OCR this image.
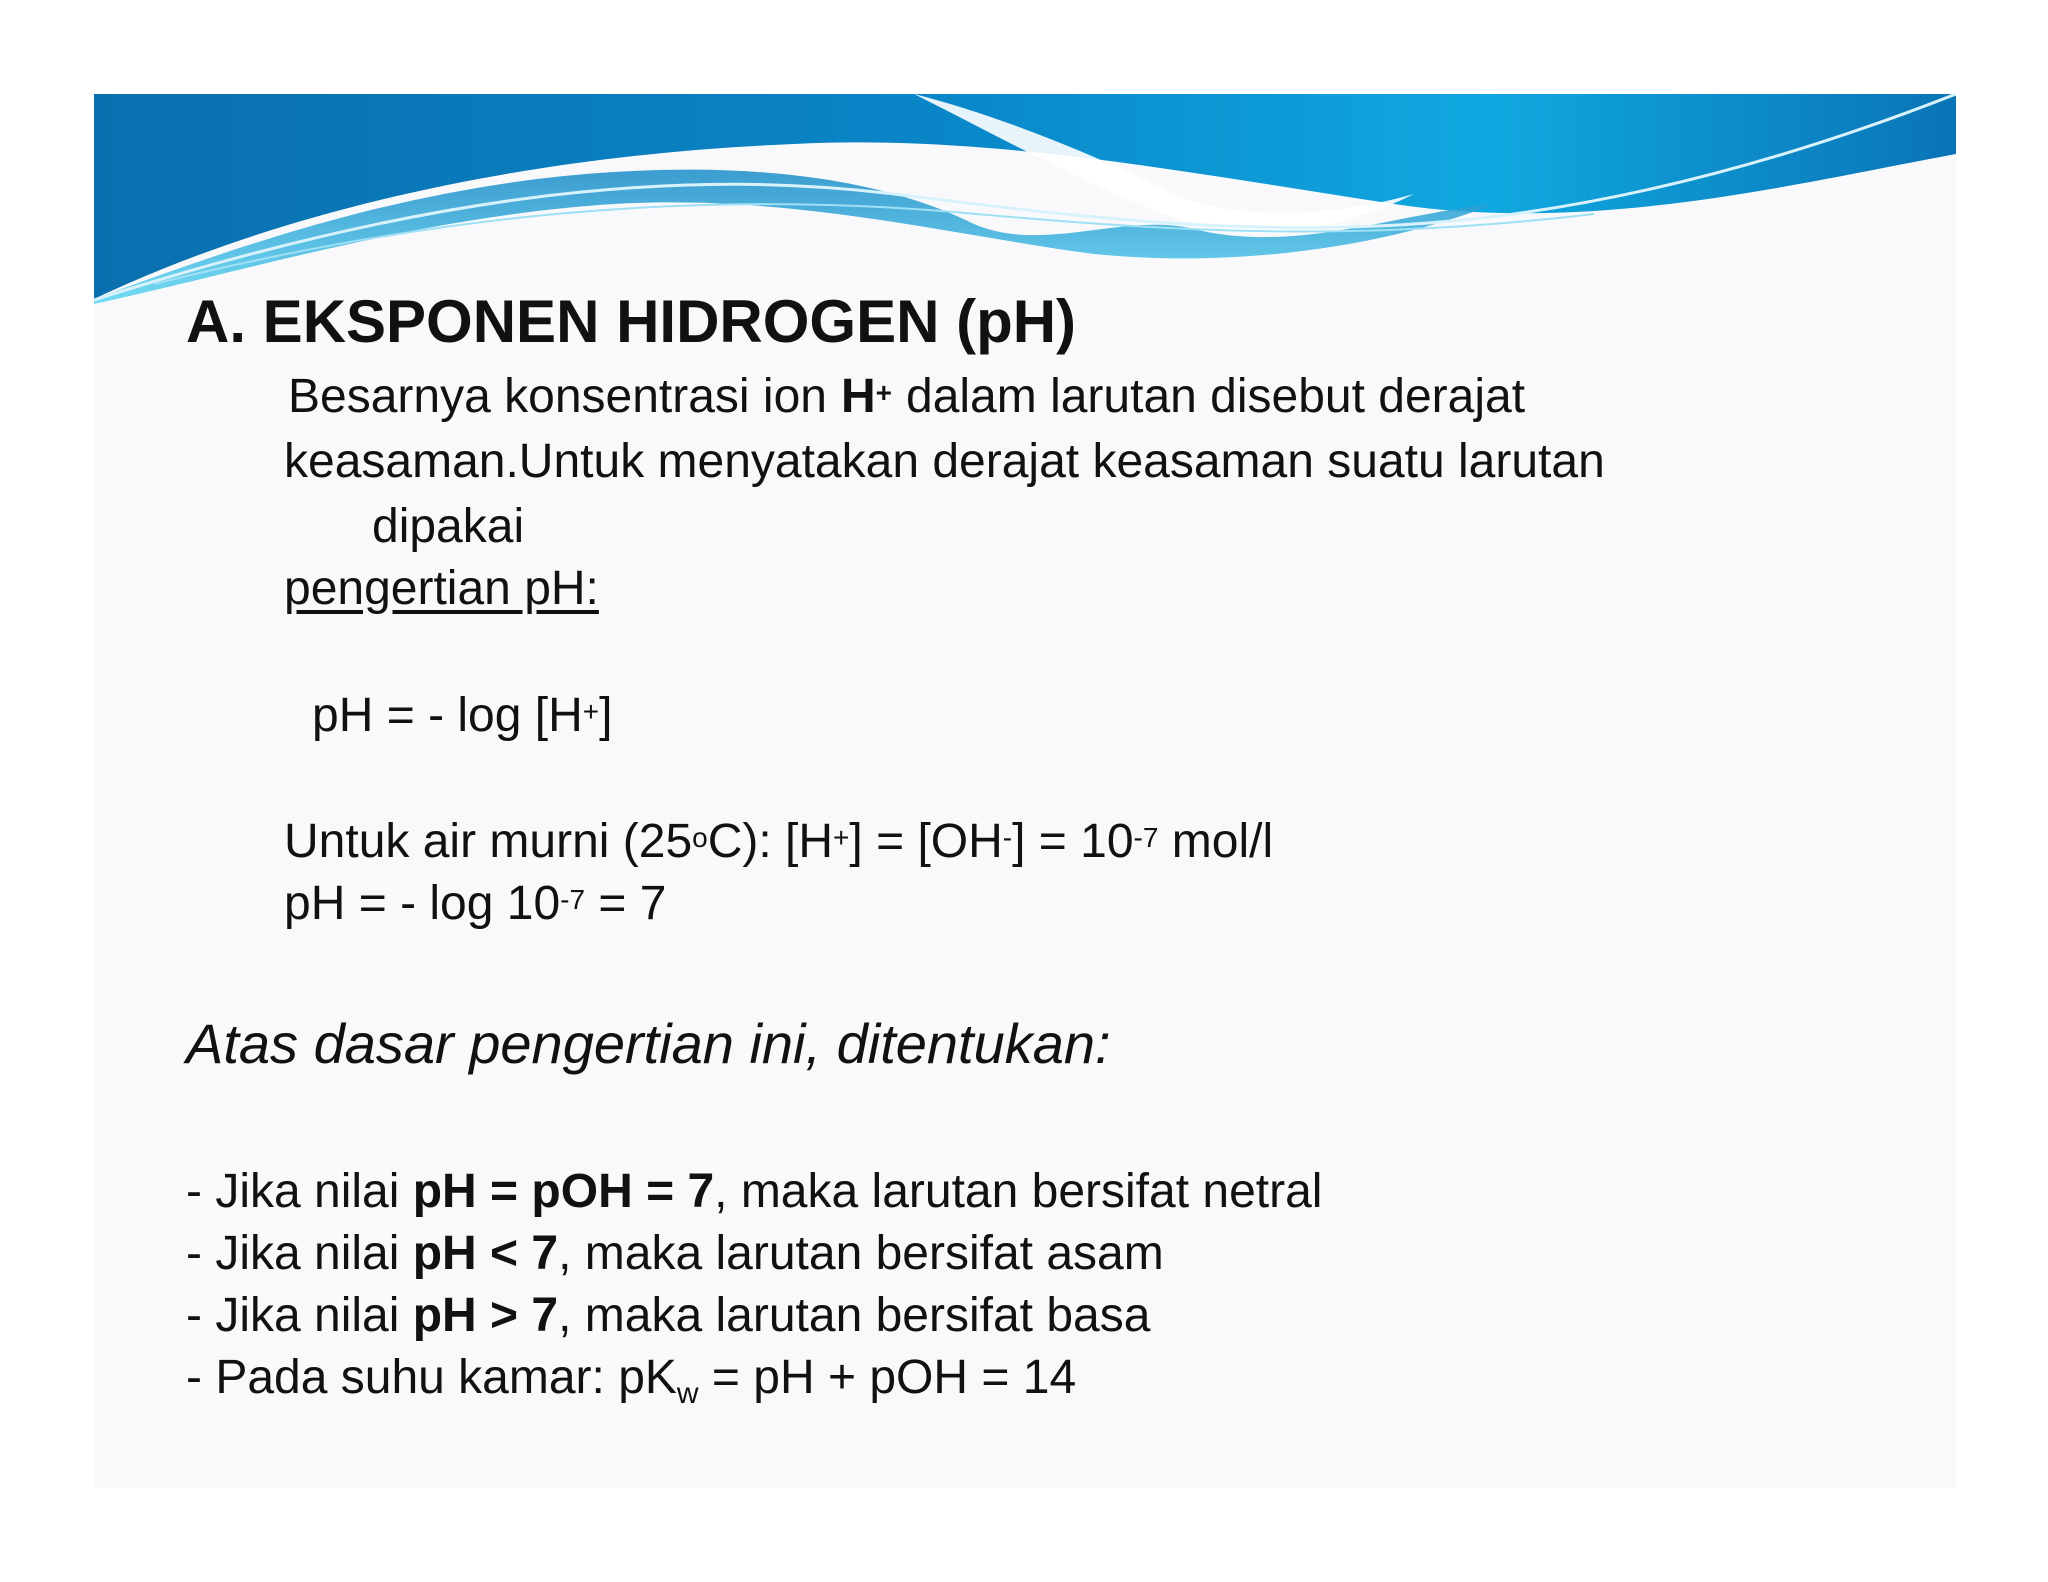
A. EKSPONEN HIDROGEN (pH)
Besarnya konsentrasi ion H+ dalam larutan disebut derajat
keasaman.Untuk menyatakan derajat keasaman suatu larutan
dipakai
pengertian pH:
pH = - log [H+]
Untuk air murni (25$^o$C): $[H^+] = [OH^-] = 10^{-7}$ mol/l
pH = - $\log 10^{-7} = 7$
Atas dasar pengertian ini, ditentukan:
- Jika nilai pH = pOH = 7, maka larutan bersifat netral
- Jika nilai pH < 7, maka larutan bersifat asam
- Jika nilai pH > 7, maka larutan bersifat basa
- Pada suhu kamar: $pK_w$ = pH + pOH = 14
